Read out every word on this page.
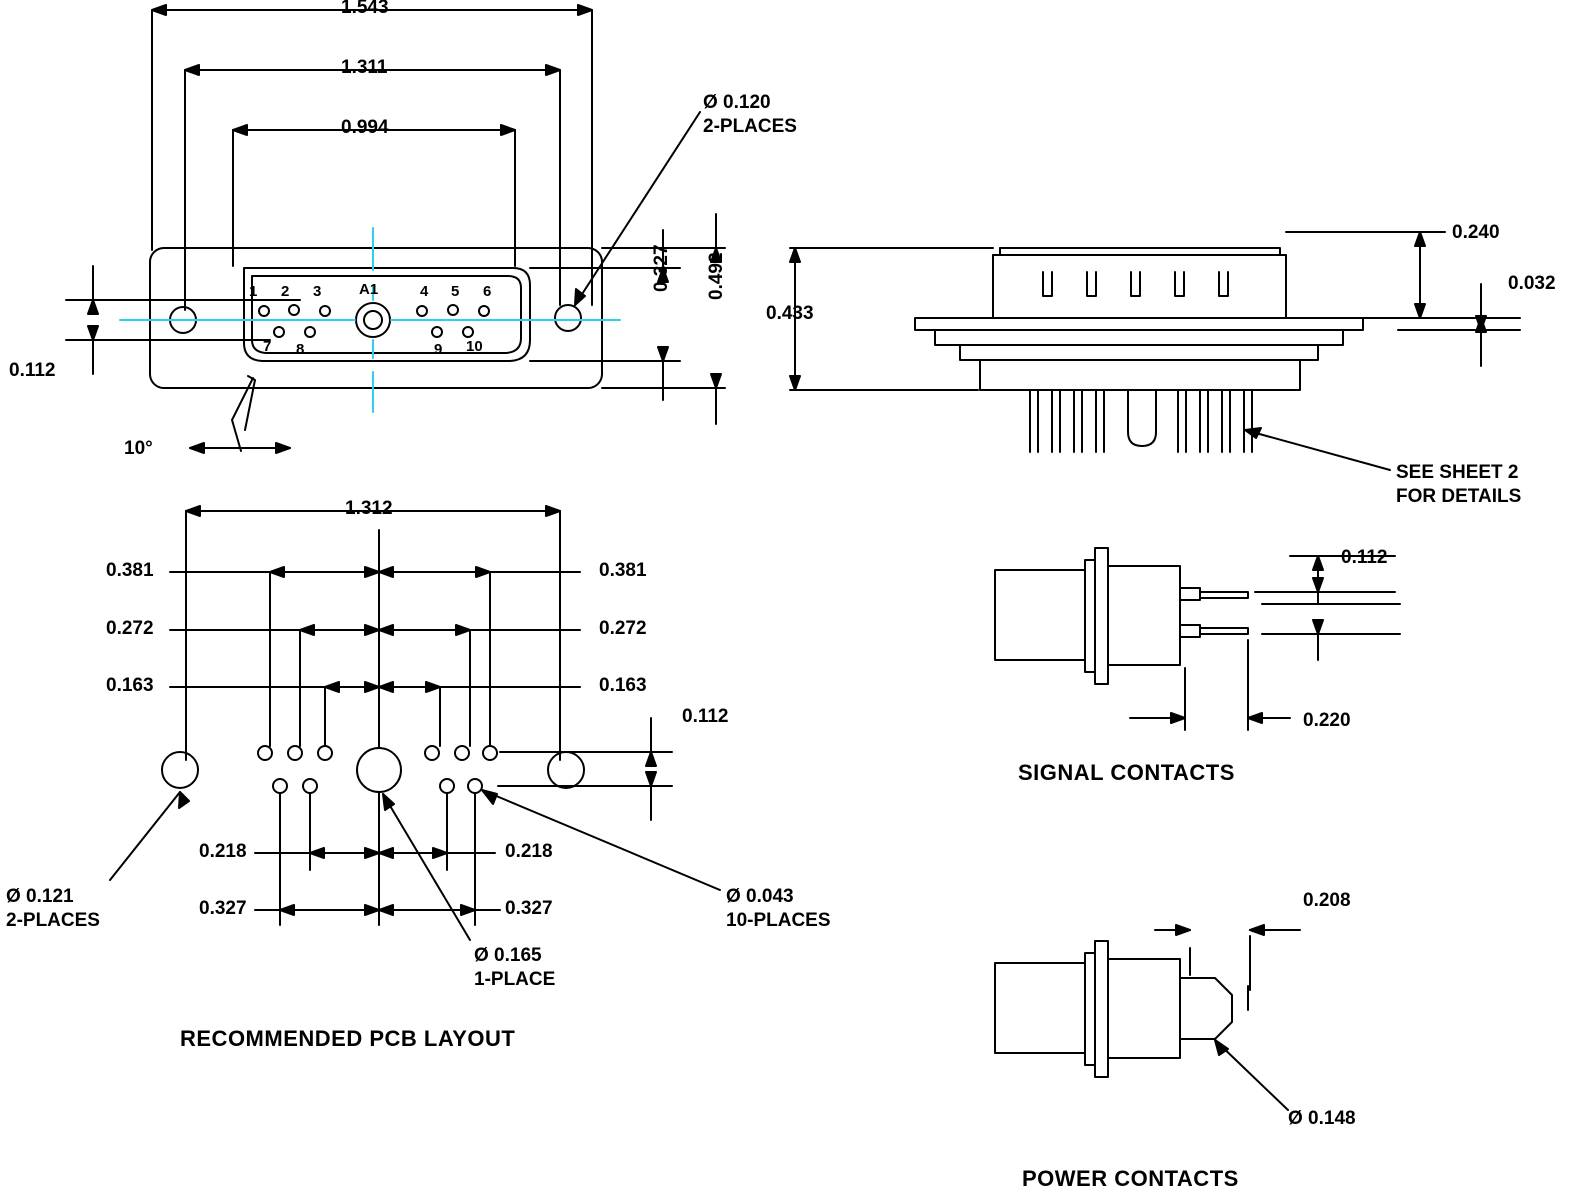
1.543
1.311
0.994
Ø 0.120
2-PLACES
0.327 0.492
0.112
10°
1 2 3	A1	4 5 6
7 8	9 10
0.433
0.240
0.032
SEE SHEET 2
FOR DETAILS
1.312
0.381	0.381
0.272	0.272
0.163	0.163
0.112
0.218	0.218
0.327	0.327
Ø 0.121
2-PLACES
Ø 0.043
10-PLACES
Ø 0.165
1-PLACE
RECOMMENDED PCB LAYOUT
0.112
0.220
SIGNAL CONTACTS
0.208
Ø 0.148
POWER CONTACTS
